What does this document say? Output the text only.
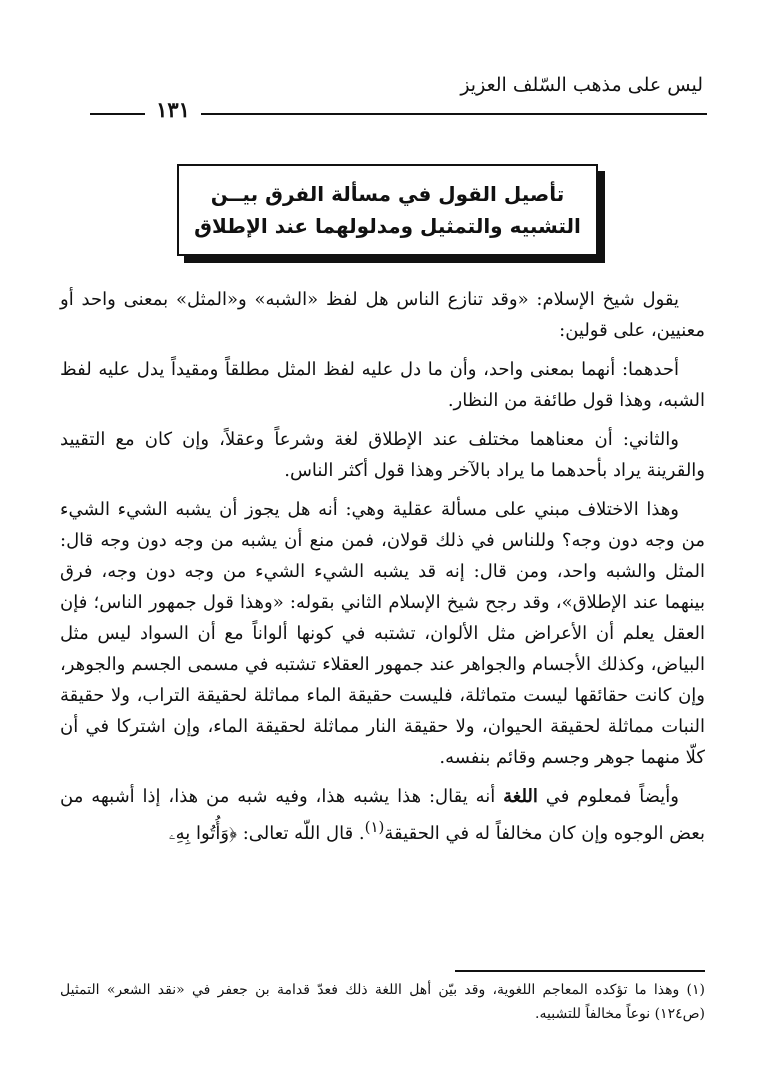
ليس على مذهب السّلف العزيز
١٣١
تأصيل القول في مسألة الفرق بيــن
التشبيه والتمثيل ومدلولهما عند الإطلاق

يقول شيخ الإسلام: «وقد تنازع الناس هل لفظ «الشبه» و«المثل» بمعنى واحد أو معنيين، على قولين:

أحدهما: أنهما بمعنى واحد، وأن ما دل عليه لفظ المثل مطلقاً ومقيداً يدل عليه لفظ الشبه، وهذا قول طائفة من النظار.

والثاني: أن معناهما مختلف عند الإطلاق لغة وشرعاً وعقلاً، وإن كان مع التقييد والقرينة يراد بأحدهما ما يراد بالآخر وهذا قول أكثر الناس.

وهذا الاختلاف مبني على مسألة عقلية وهي: أنه هل يجوز أن يشبه الشيء الشيء من وجه دون وجه؟ وللناس في ذلك قولان، فمن منع أن يشبه من وجه دون وجه قال: المثل والشبه واحد، ومن قال: إنه قد يشبه الشيء الشيء من وجه دون وجه، فرق بينهما عند الإطلاق»، وقد رجح شيخ الإسلام الثاني بقوله: «وهذا قول جمهور الناس؛ فإن العقل يعلم أن الأعراض مثل الألوان، تشتبه في كونها ألواناً مع أن السواد ليس مثل البياض، وكذلك الأجسام والجواهر عند جمهور العقلاء تشتبه في مسمى الجسم والجوهر، وإن كانت حقائقها ليست متماثلة، فليست حقيقة الماء مماثلة لحقيقة التراب، ولا حقيقة النبات مماثلة لحقيقة الحيوان، ولا حقيقة النار مماثلة لحقيقة الماء، وإن اشتركا في أن كلّا منهما جوهر وجسم وقائم بنفسه.

وأيضاً فمعلوم في اللغة أنه يقال: هذا يشبه هذا، وفيه شبه من هذا، إذا أشبهه من بعض الوجوه وإن كان مخالفاً له في الحقيقة$^{(١)}$. قال اللّه تعالى: ﴿وَأُتُوا بِهِۦ

(١) وهذا ما تؤكده المعاجم اللغوية، وقد بيّن أهل اللغة ذلك فعدّ قدامة بن جعفر في «نقد الشعر» التمثيل (ص١٢٤) نوعاً مخالفاً للتشبيه.
